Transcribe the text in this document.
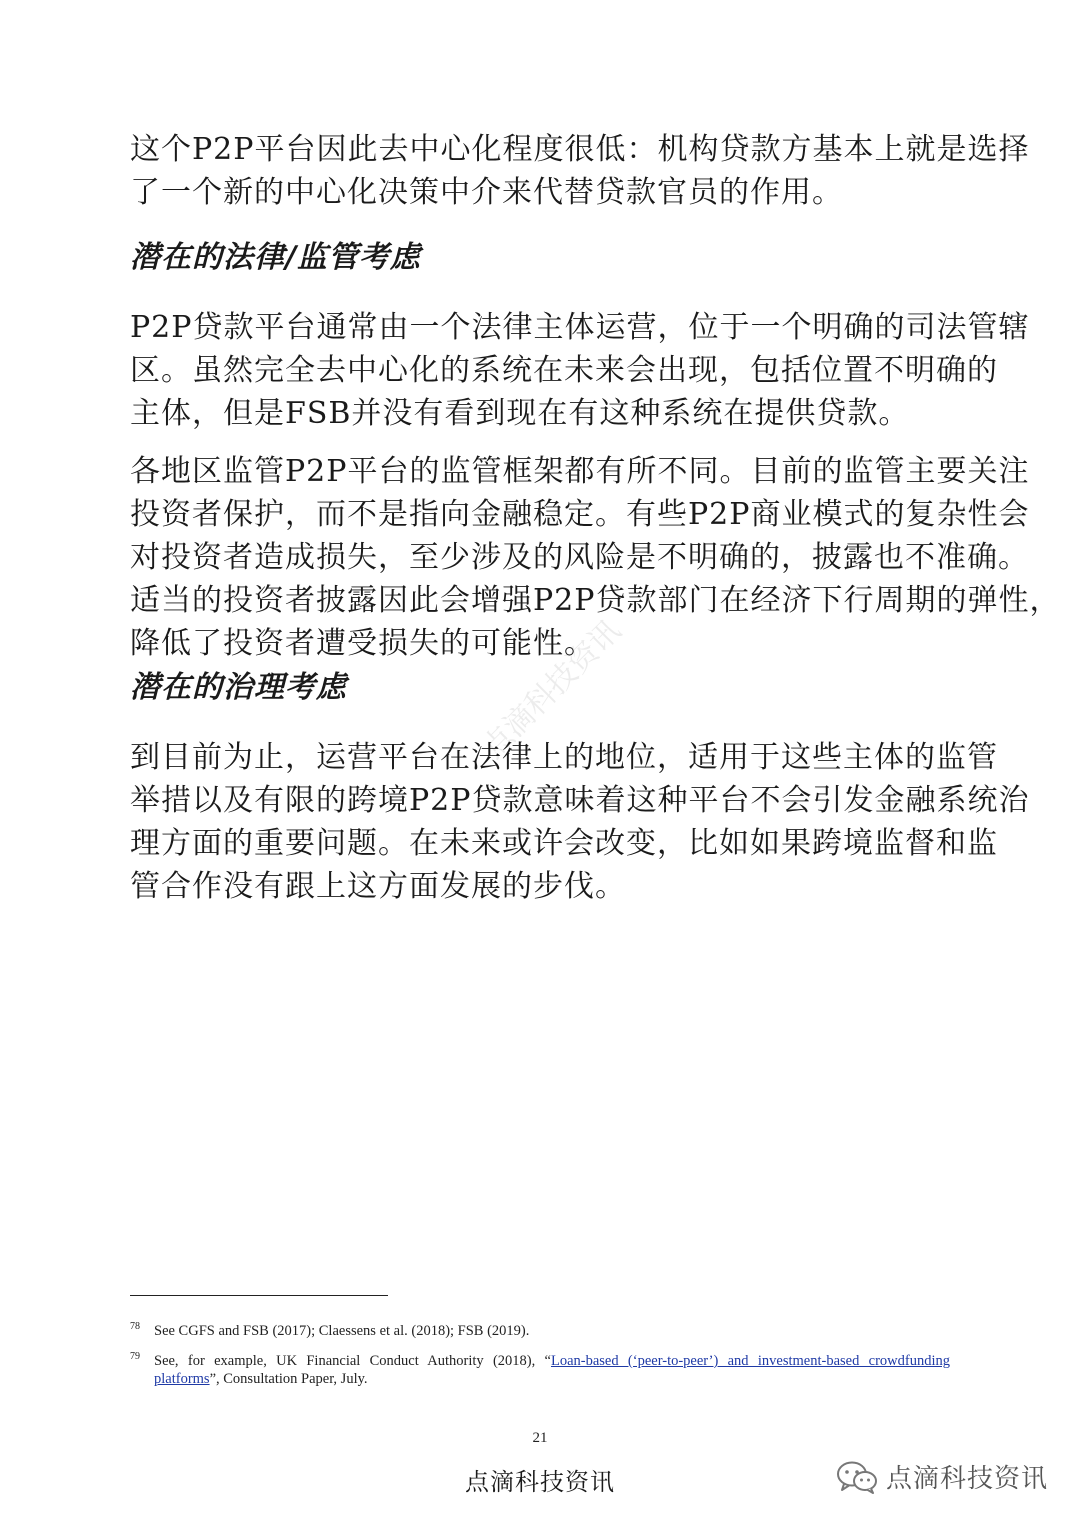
点滴科技资讯

这个P2P平台因此去中心化程度很低：机构贷款方基本上就是选择
了一个新的中心化决策中介来代替贷款官员的作用。

潜在的法律/监管考虑

P2P贷款平台通常由一个法律主体运营，位于一个明确的司法管辖
区。虽然完全去中心化的系统在未来会出现，包括位置不明确的
主体，但是FSB并没有看到现在有这种系统在提供贷款。

各地区监管P2P平台的监管框架都有所不同。目前的监管主要关注
投资者保护，而不是指向金融稳定。有些P2P商业模式的复杂性会
对投资者造成损失，至少涉及的风险是不明确的，披露也不准确。
适当的投资者披露因此会增强P2P贷款部门在经济下行周期的弹性，
降低了投资者遭受损失的可能性。

潜在的治理考虑

到目前为止，运营平台在法律上的地位，适用于这些主体的监管
举措以及有限的跨境P2P贷款意味着这种平台不会引发金融系统治
理方面的重要问题。在未来或许会改变，比如如果跨境监督和监
管合作没有跟上这方面发展的步伐。

78 See CGFS and FSB (2017); Claessens et al. (2018); FSB (2019).
79 See, for example, UK Financial Conduct Authority (2018), “Loan-based (‘peer-to-peer’) and investment-based crowdfunding platforms”, Consultation Paper, July.
21
点滴科技资讯	点滴科技资讯
